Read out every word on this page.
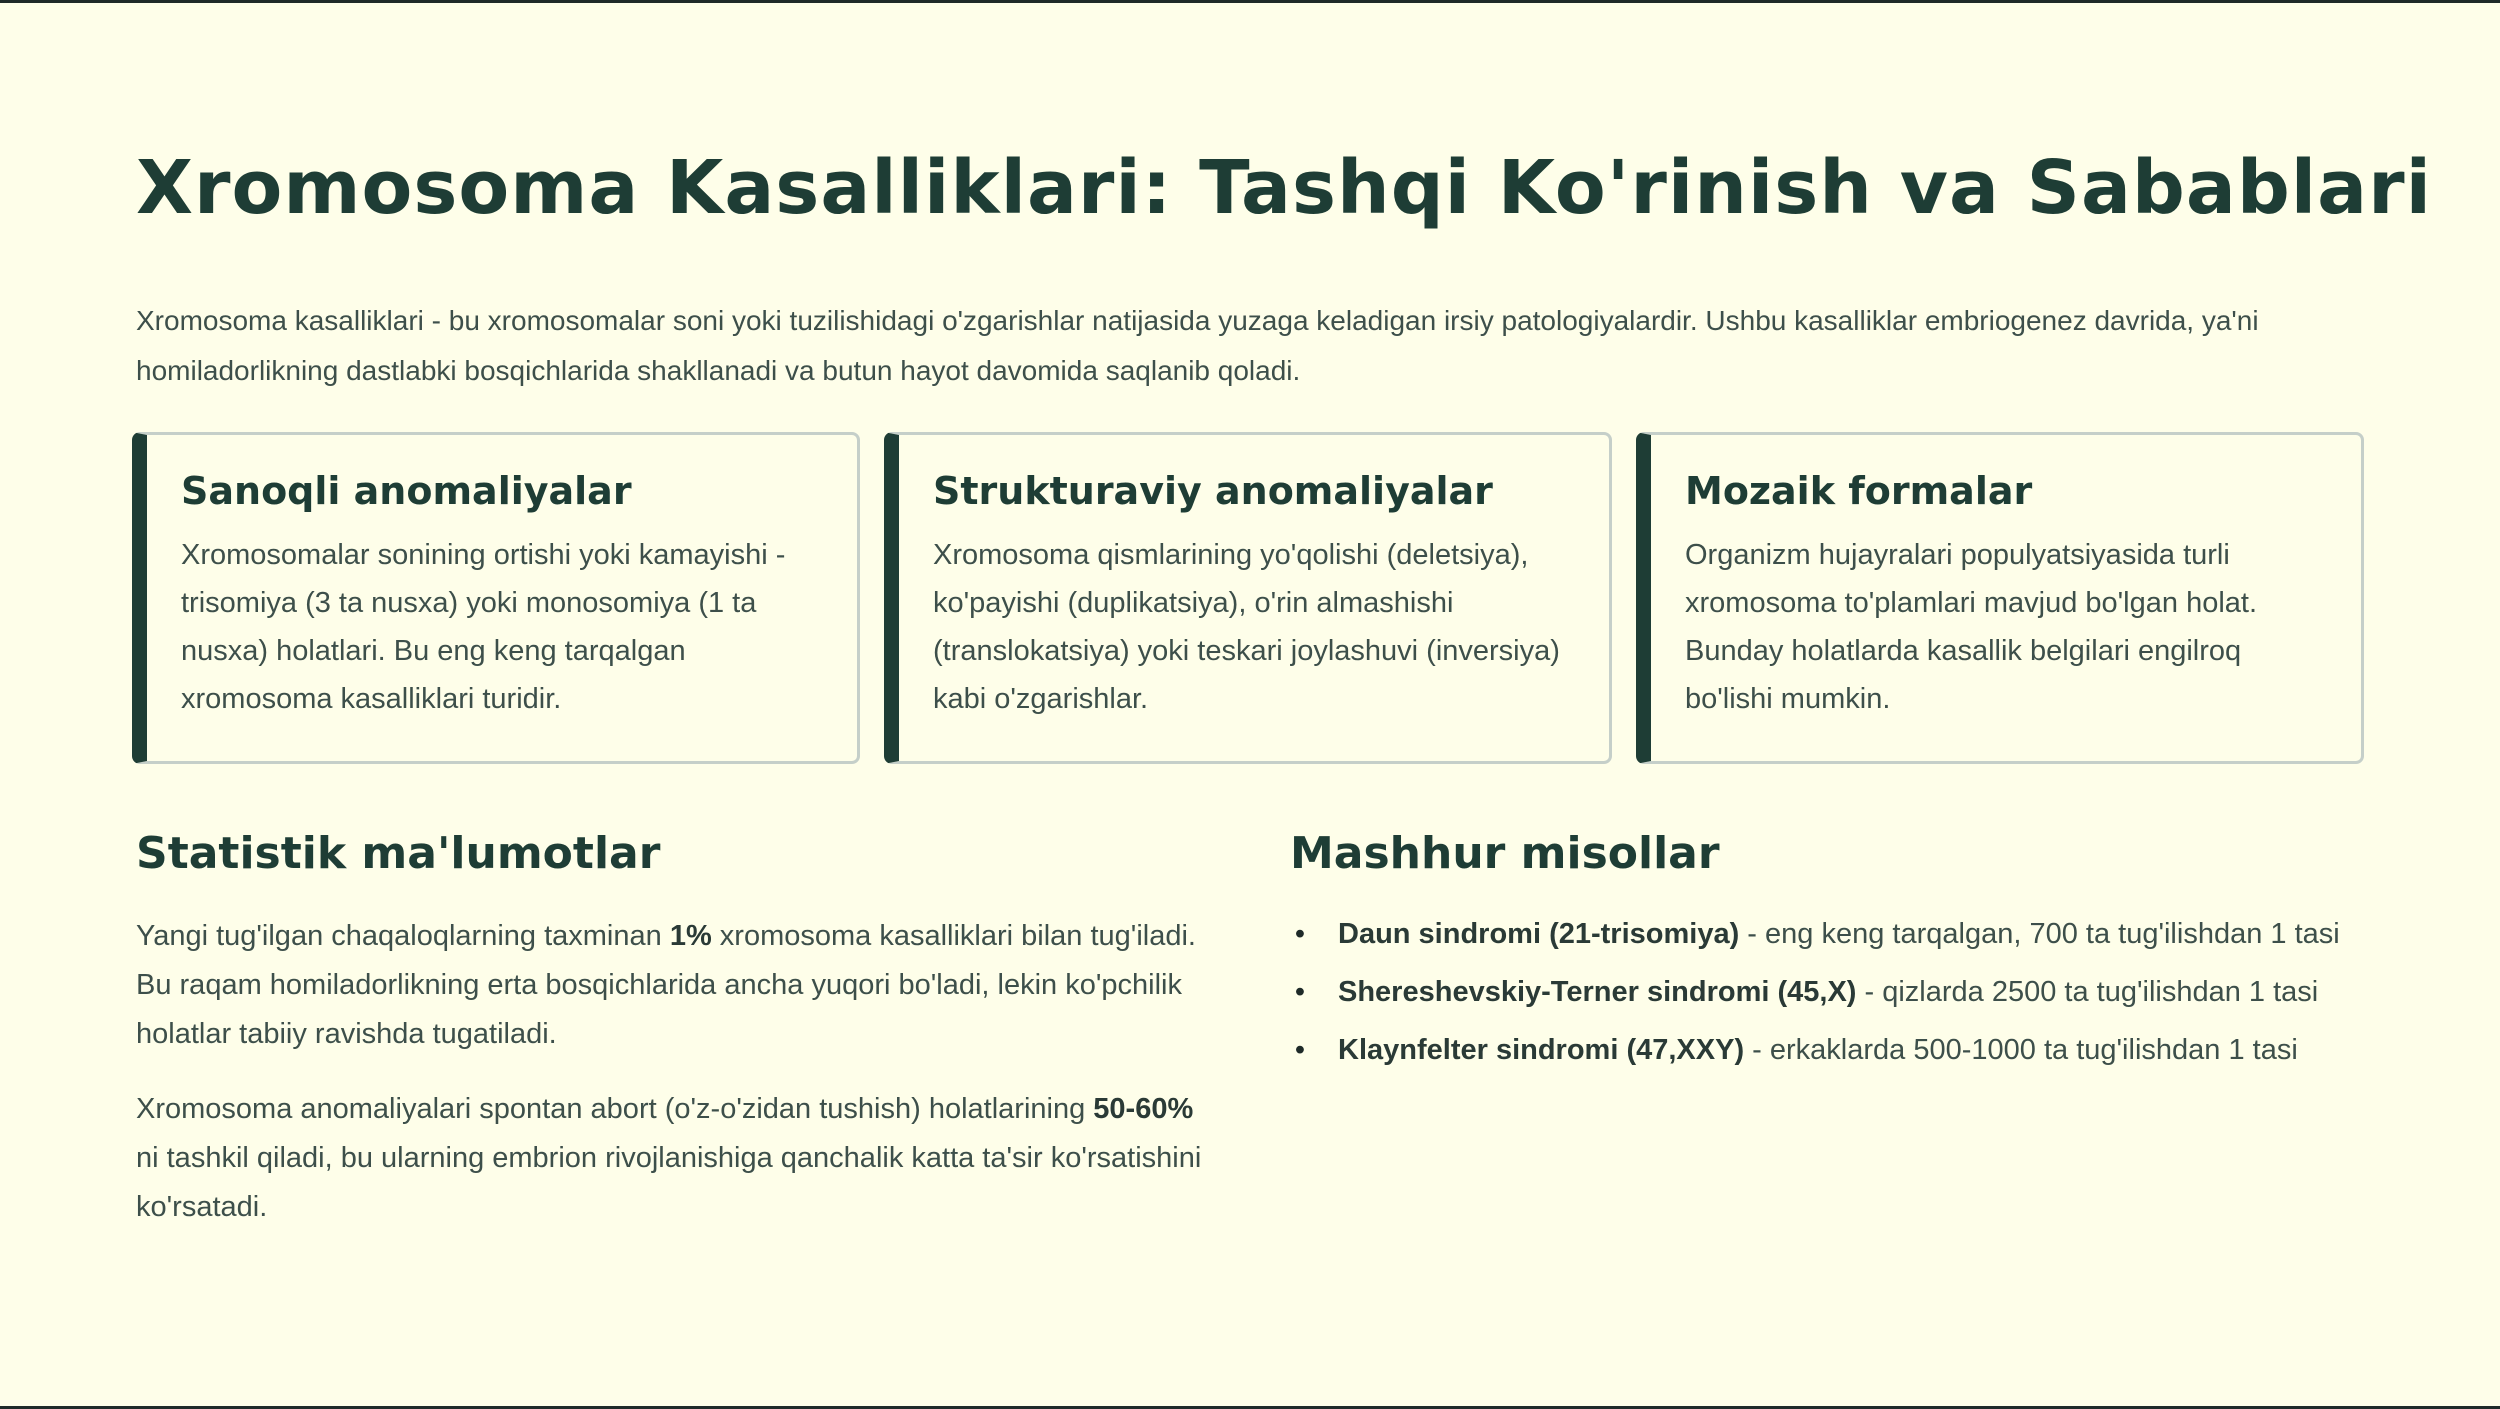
Xromosoma Kasalliklari: Tashqi Ko'rinish va Sabablari

Xromosoma kasalliklari - bu xromosomalar soni yoki tuzilishidagi o'zgarishlar natijasida yuzaga keladigan irsiy patologiyalardir. Ushbu kasalliklar embriogenez davrida, ya'ni homiladorlikning dastlabki bosqichlarida shakllanadi va butun hayot davomida saqlanib qoladi.

Sanoqli anomaliyalar
Xromosomalar sonining ortishi yoki kamayishi - trisomiya (3 ta nusxa) yoki monosomiya (1 ta nusxa) holatlari. Bu eng keng tarqalgan xromosoma kasalliklari turidir.
Strukturaviy anomaliyalar
Xromosoma qismlarining yo'qolishi (deletsiya), ko'payishi (duplikatsiya), o'rin almashishi (translokatsiya) yoki teskari joylashuvi (inversiya) kabi o'zgarishlar.
Mozaik formalar
Organizm hujayralari populyatsiyasida turli xromosoma to'plamlari mavjud bo'lgan holat. Bunday holatlarda kasallik belgilari engilroq bo'lishi mumkin.
Statistik ma'lumotlar

Yangi tug'ilgan chaqaloqlarning taxminan 1% xromosoma kasalliklari bilan tug'iladi. Bu raqam homiladorlikning erta bosqichlarida ancha yuqori bo'ladi, lekin ko'pchilik holatlar tabiiy ravishda tugatiladi.

Xromosoma anomaliyalari spontan abort (o'z-o'zidan tushish) holatlarining 50-60% ni tashkil qiladi, bu ularning embrion rivojlanishiga qanchalik katta ta'sir ko'rsatishini ko'rsatadi.

Mashhur misollar
• Daun sindromi (21-trisomiya) - eng keng tarqalgan, 700 ta tug'ilishdan 1 tasi
• Shereshevskiy-Terner sindromi (45,X) - qizlarda 2500 ta tug'ilishdan 1 tasi
• Klaynfelter sindromi (47,XXY) - erkaklarda 500-1000 ta tug'ilishdan 1 tasi
